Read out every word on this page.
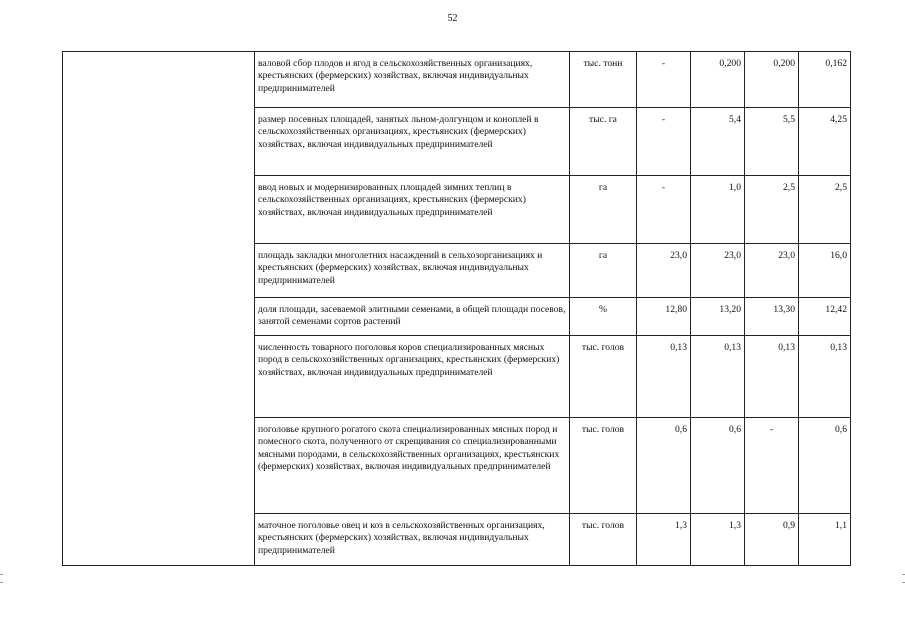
52
	валовой сбор плодов и ягод в сельскохозяйственных организациях, крестьянских (фермерских) хозяйствах, включая индивидуальных предпринимателей	тыс. тонн	-	0,200	0,200	0,162
	размер посевных площадей, занятых льном-долгунцом и коноплей в сельскохозяйственных организациях, крестьянских (фермерских) хозяйствах, включая индивидуальных предпринимателей	тыс. га	-	5,4	5,5	4,25
	ввод новых и модернизированных площадей зимних теплиц в сельскохозяйственных организациях, крестьянских (фермерских) хозяйствах, включая индивидуальных предпринимателей	га	-	1,0	2,5	2,5
	площадь закладки многолетних насаждений в сельхозорганизациях и крестьянских (фермерских) хозяйствах, включая индивидуальных предпринимателей	га	23,0	23,0	23,0	16,0
	доля площади, засеваемой элитными семенами, в общей площади посевов, занятой семенами сортов растений	%	12,80	13,20	13,30	12,42
	численность товарного поголовья коров специализированных мясных пород в сельскохозяйственных организациях, крестьянских (фермерских) хозяйствах, включая индивидуальных предпринимателей	тыс. голов	0,13	0,13	0,13	0,13
	поголовье крупного рогатого скота специализированных мясных пород и помесного скота, полученного от скрещивания со специализированными мясными породами, в сельскохозяйственных организациях, крестьянских (фермерских) хозяйствах, включая индивидуальных предпринимателей	тыс. голов	0,6	0,6	-	0,6
	маточное поголовье овец и коз в сельскохозяйственных организациях, крестьянских (фермерских) хозяйствах, включая индивидуальных предпринимателей	тыс. голов	1,3	1,3	0,9	1,1
